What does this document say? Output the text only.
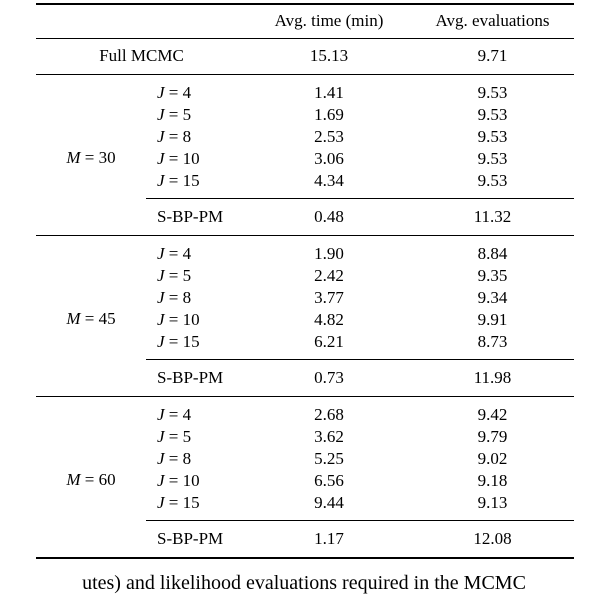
		Avg. time (min)	Avg. evaluations
Full MCMC		15.13	9.71
M = 30	J = 4	1.41	9.53
	J = 5	1.69	9.53
	J = 8	2.53	9.53
	J = 10	3.06	9.53
	J = 15	4.34	9.53
	S-BP-PM	0.48	11.32
M = 45	J = 4	1.90	8.84
	J = 5	2.42	9.35
	J = 8	3.77	9.34
	J = 10	4.82	9.91
	J = 15	6.21	8.73
	S-BP-PM	0.73	11.98
M = 60	J = 4	2.68	9.42
	J = 5	3.62	9.79
	J = 8	5.25	9.02
	J = 10	6.56	9.18
	J = 15	9.44	9.13
	S-BP-PM	1.17	12.08
utes) and likelihood evaluations required in the MCMC
